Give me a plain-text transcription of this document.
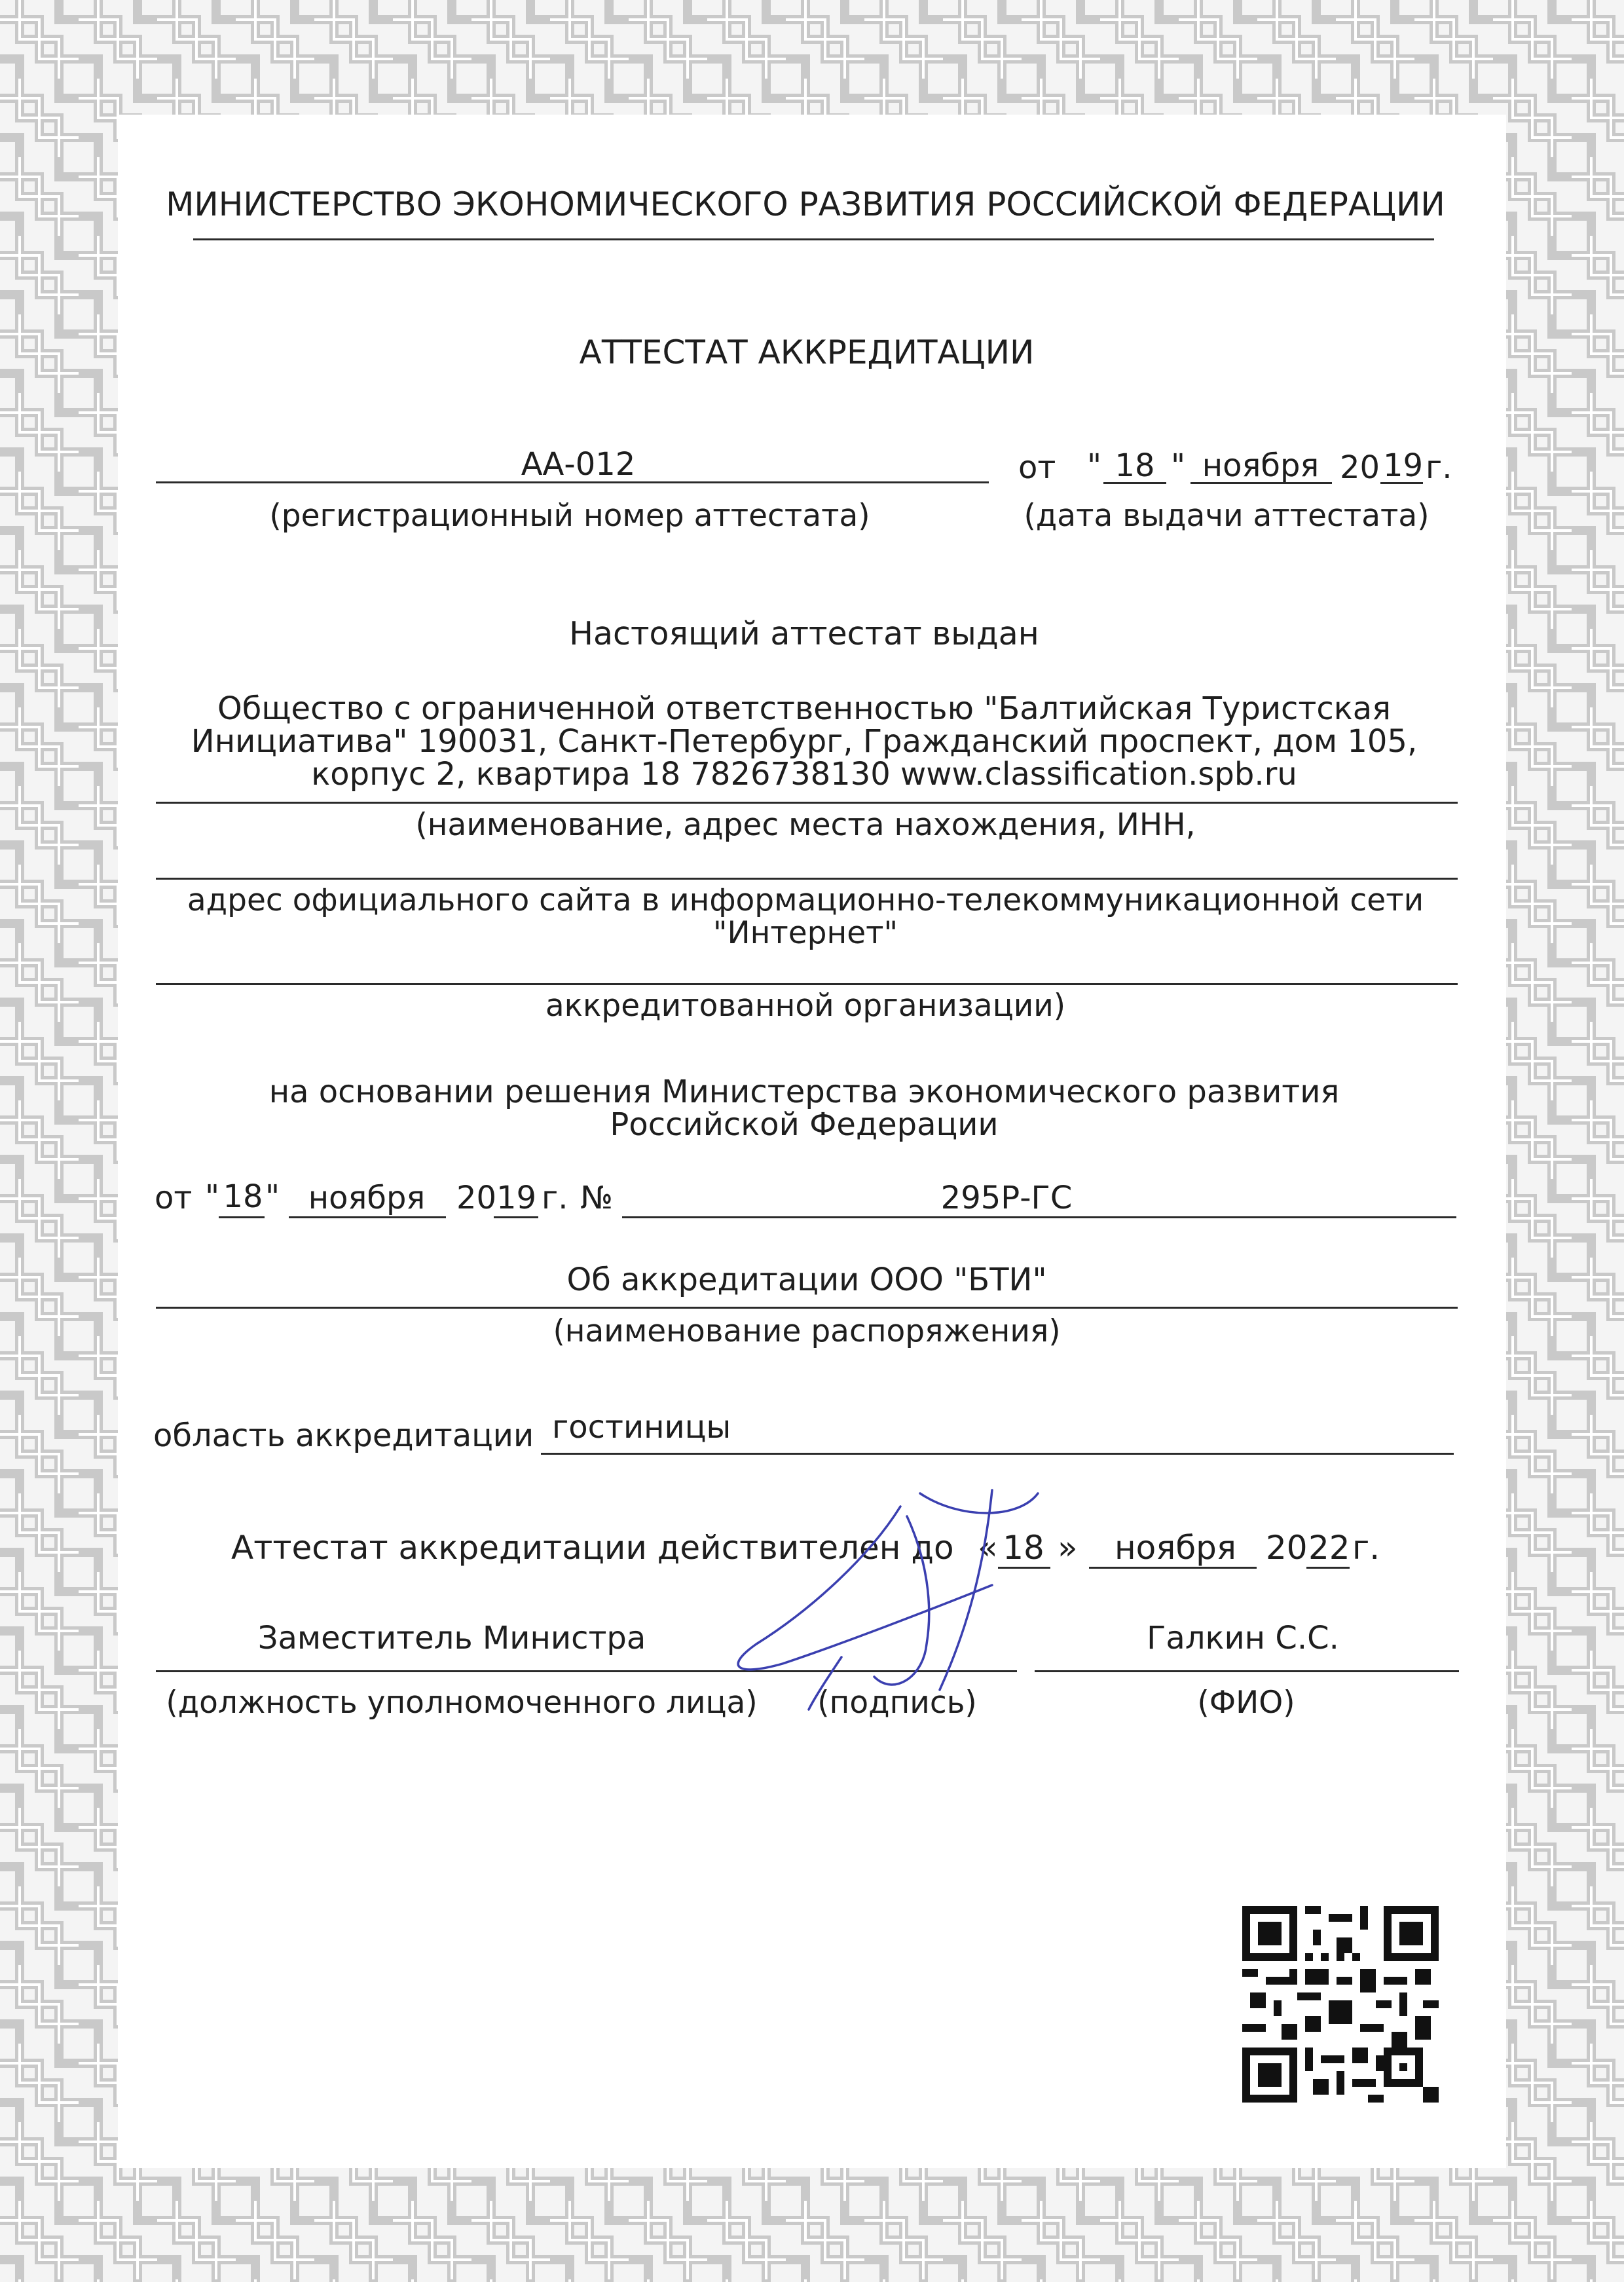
МИНИСТЕРСТВО ЭКОНОМИЧЕСКОГО РАЗВИТИЯ РОССИЙСКОЙ ФЕДЕРАЦИИ
АТТЕСТАТ АККРЕДИТАЦИИ
АА-012
(регистрационный номер аттестата)
от " 18 " ноября 20 19 г.
(дата выдачи аттестата)
Настоящий аттестат выдан
Общество с ограниченной ответственностью "Балтийская Туристская
Инициатива" 190031, Санкт-Петербург, Гражданский проспект, дом 105,
корпус 2, квартира 18 7826738130 www.classification.spb.ru
(наименование, адрес места нахождения, ИНН,
адрес официального сайта в информационно-телекоммуникационной сети
"Интернет"
аккредитованной организации)
на основании решения Министерства экономического развития
Российской Федерации
от " 18 " ноября 20 19 г. №	295Р-ГС
Об аккредитации ООО "БТИ"
(наименование распоряжения)
область аккредитации гостиницы
Аттестат аккредитации действителен до « 18 » ноября 20 22 г.
Заместитель Министра
(должность уполномоченного лица) (подпись)
Галкин С.С.
(ФИО)
